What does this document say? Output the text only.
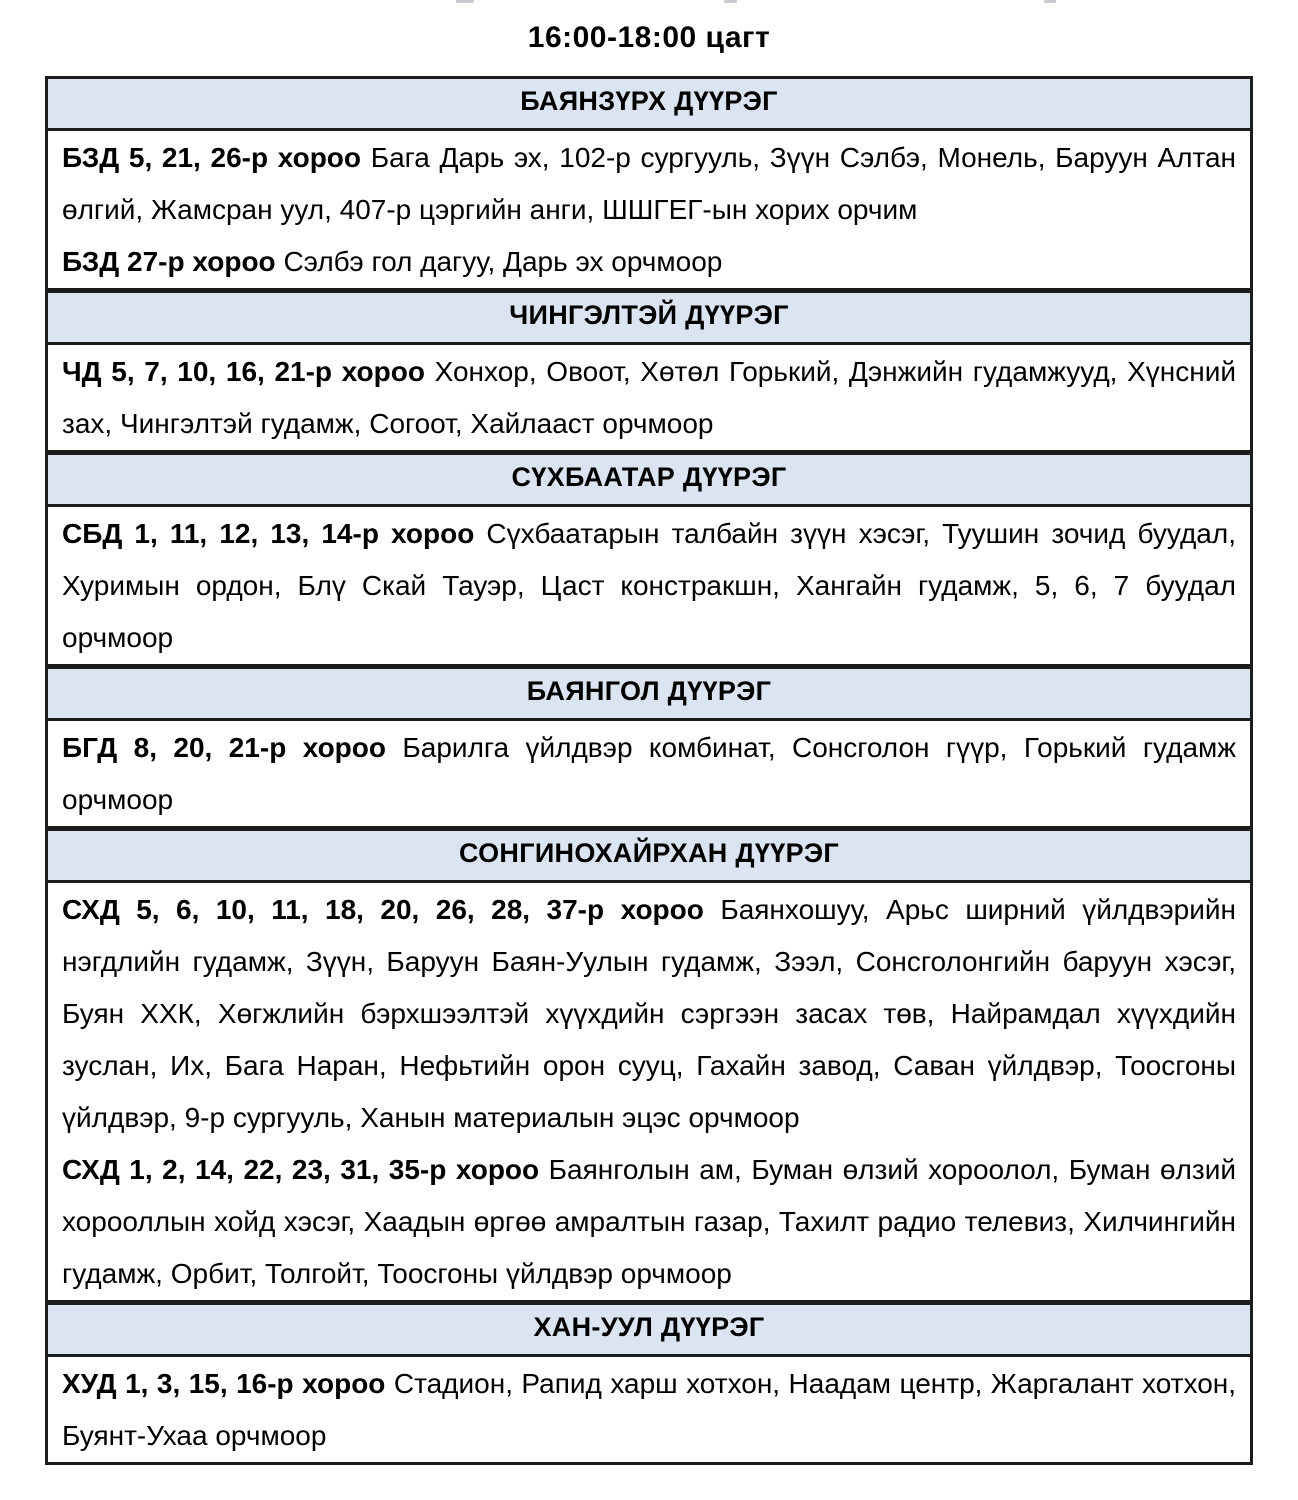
16:00-18:00 цагт
БАЯНЗҮРХ ДҮҮРЭГ

БЗД 5, 21, 26-р хороо Бага Дарь эх, 102-р сургууль, Зүүн Сэлбэ, Монель, Баруун Алтан өлгий, Жамсран уул, 407-р цэргийн анги, ШШГЕГ-ын хорих орчим

БЗД 27-р хороо Сэлбэ гол дагуу, Дарь эх орчмоор

ЧИНГЭЛТЭЙ ДҮҮРЭГ

ЧД 5, 7, 10, 16, 21-р хороо Хонхор, Овоот, Хөтөл Горький, Дэнжийн гудамжууд, Хүнсний зах, Чингэлтэй гудамж, Согоот, Хайлааст орчмоор

СҮХБААТАР ДҮҮРЭГ

СБД 1, 11, 12, 13, 14-р хороо Сүхбаатарын талбайн зүүн хэсэг, Туушин зочид буудал, Хуримын ордон, Блү Скай Тауэр, Цаст констракшн, Хангайн гудамж, 5, 6, 7 буудал орчмоор

БАЯНГОЛ ДҮҮРЭГ

БГД 8, 20, 21-р хороо Барилга үйлдвэр комбинат, Сонсголон гүүр, Горький гудамж орчмоор

СОНГИНОХАЙРХАН ДҮҮРЭГ

СХД 5, 6, 10, 11, 18, 20, 26, 28, 37-р хороо Баянхошуу, Арьс ширний үйлдвэрийн нэгдлийн гудамж, Зүүн, Баруун Баян-Уулын гудамж, Зээл, Сонсголонгийн баруун хэсэг, Буян ХХК, Хөгжлийн бэрхшээлтэй хүүхдийн сэргээн засах төв, Найрамдал хүүхдийн зуслан, Их, Бага Наран, Нефьтийн орон сууц, Гахайн завод, Саван үйлдвэр, Тоосгоны үйлдвэр, 9-р сургууль, Ханын материалын эцэс орчмоор

СХД 1, 2, 14, 22, 23, 31, 35-р хороо Баянголын ам, Буман өлзий хороолол, Буман өлзий хорооллын хойд хэсэг, Хаадын өргөө амралтын газар, Тахилт радио телевиз, Хилчингийн гудамж, Орбит, Толгойт, Тоосгоны үйлдвэр орчмоор

ХАН-УУЛ ДҮҮРЭГ

ХУД 1, 3, 15, 16-р хороо Стадион, Рапид харш хотхон, Наадам центр, Жаргалант хотхон, Буянт-Ухаа орчмоор
